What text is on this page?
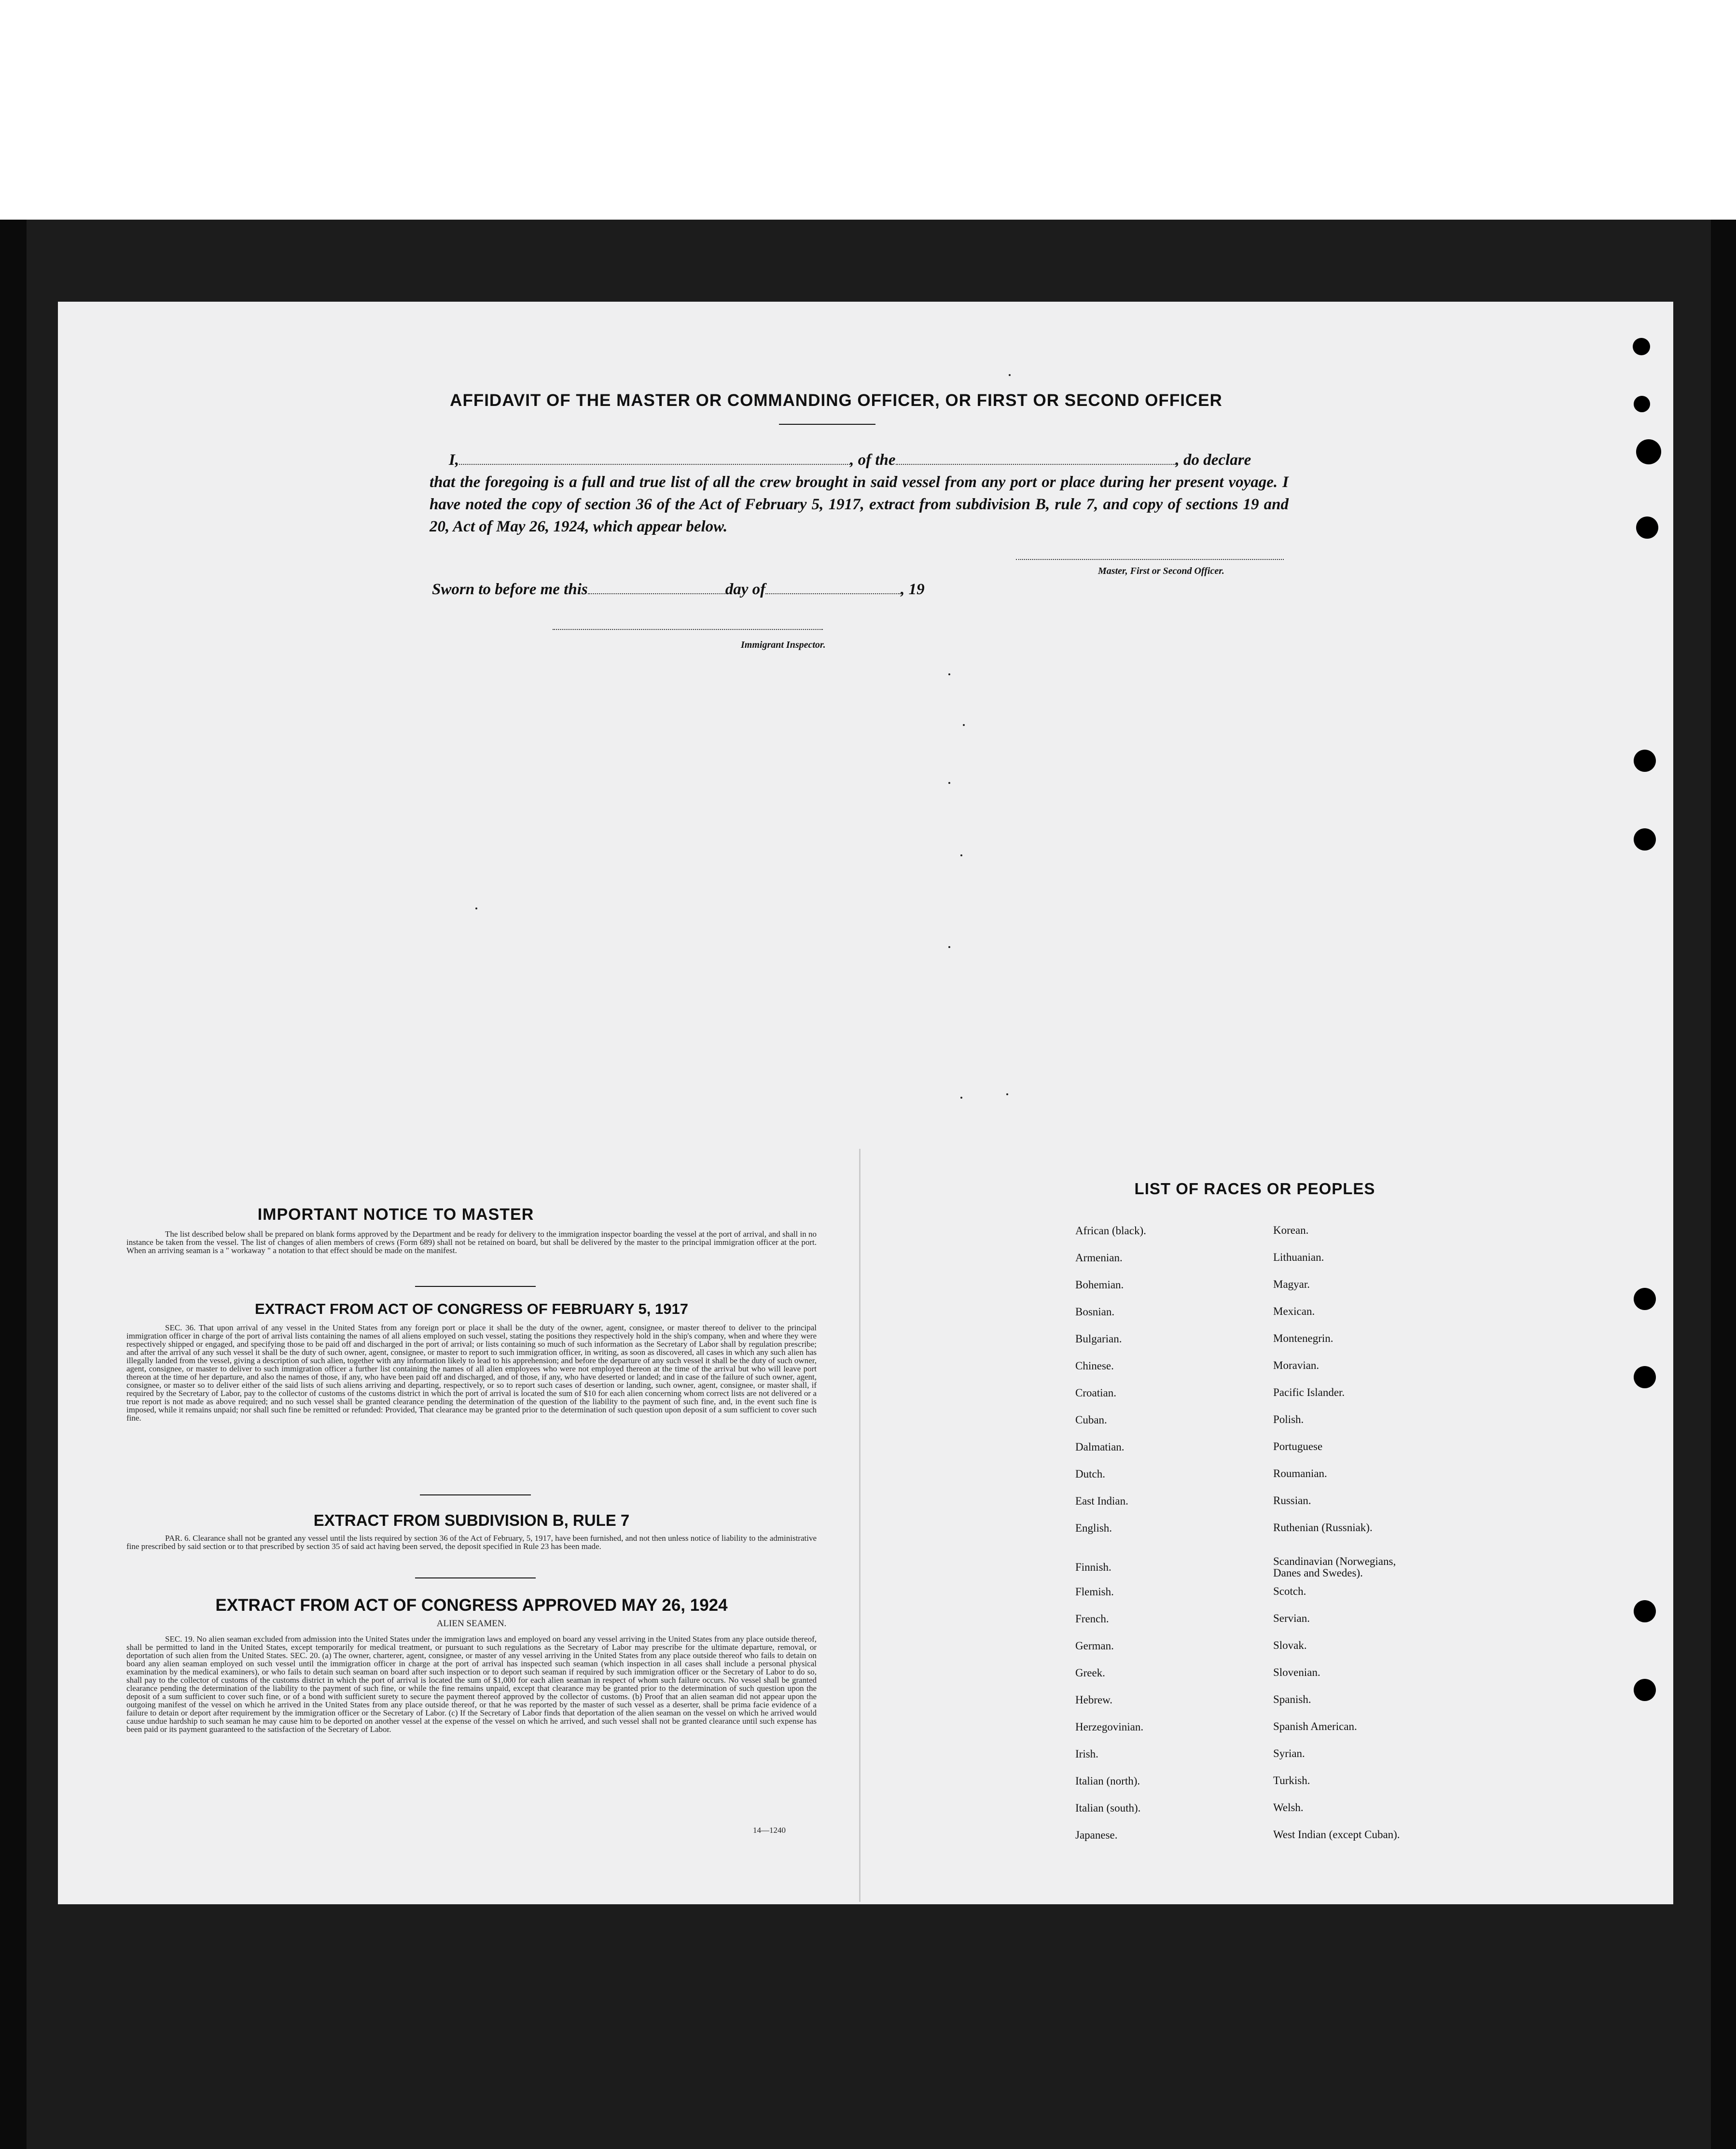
AFFIDAVIT OF THE MASTER OR COMMANDING OFFICER, OR FIRST OR SECOND OFFICER
I,	, of the	, do declare
that the foregoing is a full and true list of all the crew brought in said vessel from any port or place during her present voyage. I have noted the copy of section 36 of the Act of February 5, 1917, extract from subdivision B, rule 7, and copy of sections 19 and 20, Act of May 26, 1924, which appear below.
Master, First or Second Officer.
Sworn to before me this	day of	, 19
Immigrant Inspector.
IMPORTANT NOTICE TO MASTER
The list described below shall be prepared on blank forms approved by the Department and be ready for delivery to the immigration inspector boarding the vessel at the port of arrival, and shall in no instance be taken from the vessel. The list of changes of alien members of crews (Form 689) shall not be retained on board, but shall be delivered by the master to the principal immigration officer at the port. When an arriving seaman is a " workaway " a notation to that effect should be made on the manifest.
EXTRACT FROM ACT OF CONGRESS OF FEBRUARY 5, 1917
SEC. 36. That upon arrival of any vessel in the United States from any foreign port or place it shall be the duty of the owner, agent, consignee, or master thereof to deliver to the principal immigration officer in charge of the port of arrival lists containing the names of all aliens employed on such vessel, stating the positions they respectively hold in the ship's company, when and where they were respectively shipped or engaged, and specifying those to be paid off and discharged in the port of arrival; or lists containing so much of such information as the Secretary of Labor shall by regulation prescribe; and after the arrival of any such vessel it shall be the duty of such owner, agent, consignee, or master to report to such immigration officer, in writing, as soon as discovered, all cases in which any such alien has illegally landed from the vessel, giving a description of such alien, together with any information likely to lead to his apprehension; and before the departure of any such vessel it shall be the duty of such owner, agent, consignee, or master to deliver to such immigration officer a further list containing the names of all alien employees who were not employed thereon at the time of the arrival but who will leave port thereon at the time of her departure, and also the names of those, if any, who have been paid off and discharged, and of those, if any, who have deserted or landed; and in case of the failure of such owner, agent, consignee, or master so to deliver either of the said lists of such aliens arriving and departing, respectively, or so to report such cases of desertion or landing, such owner, agent, consignee, or master shall, if required by the Secretary of Labor, pay to the collector of customs of the customs district in which the port of arrival is located the sum of $10 for each alien concerning whom correct lists are not delivered or a true report is not made as above required; and no such vessel shall be granted clearance pending the determination of the question of the liability to the payment of such fine, and, in the event such fine is imposed, while it remains unpaid; nor shall such fine be remitted or refunded: Provided, That clearance may be granted prior to the determination of such question upon deposit of a sum sufficient to cover such fine.
EXTRACT FROM SUBDIVISION B, RULE 7
PAR. 6. Clearance shall not be granted any vessel until the lists required by section 36 of the Act of February, 5, 1917, have been furnished, and not then unless notice of liability to the administrative fine prescribed by said section or to that prescribed by section 35 of said act having been served, the deposit specified in Rule 23 has been made.
EXTRACT FROM ACT OF CONGRESS APPROVED MAY 26, 1924
ALIEN SEAMEN.
SEC. 19. No alien seaman excluded from admission into the United States under the immigration laws and employed on board any vessel arriving in the United States from any place outside thereof, shall be permitted to land in the United States, except temporarily for medical treatment, or pursuant to such regulations as the Secretary of Labor may prescribe for the ultimate departure, removal, or deportation of such alien from the United States. SEC. 20. (a) The owner, charterer, agent, consignee, or master of any vessel arriving in the United States from any place outside thereof who fails to detain on board any alien seaman employed on such vessel until the immigration officer in charge at the port of arrival has inspected such seaman (which inspection in all cases shall include a personal physical examination by the medical examiners), or who fails to detain such seaman on board after such inspection or to deport such seaman if required by such immigration officer or the Secretary of Labor to do so, shall pay to the collector of customs of the customs district in which the port of arrival is located the sum of $1,000 for each alien seaman in respect of whom such failure occurs. No vessel shall be granted clearance pending the determination of the liability to the payment of such fine, or while the fine remains unpaid, except that clearance may be granted prior to the determination of such question upon the deposit of a sum sufficient to cover such fine, or of a bond with sufficient surety to secure the payment thereof approved by the collector of customs. (b) Proof that an alien seaman did not appear upon the outgoing manifest of the vessel on which he arrived in the United States from any place outside thereof, or that he was reported by the master of such vessel as a deserter, shall be prima facie evidence of a failure to detain or deport after requirement by the immigration officer or the Secretary of Labor. (c) If the Secretary of Labor finds that deportation of the alien seaman on the vessel on which he arrived would cause undue hardship to such seaman he may cause him to be deported on another vessel at the expense of the vessel on which he arrived, and such vessel shall not be granted clearance until such expense has been paid or its payment guaranteed to the satisfaction of the Secretary of Labor.
14—1240
LIST OF RACES OR PEOPLES
African (black).	Korean.
Armenian.	Lithuanian.
Bohemian.	Magyar.
Bosnian.	Mexican.
Bulgarian.	Montenegrin.
Chinese.	Moravian.
Croatian.	Pacific Islander.
Cuban.	Polish.
Dalmatian.	Portuguese
Dutch.	Roumanian.
East Indian.	Russian.
English.	Ruthenian (Russniak).
Finnish.	Scandinavian (Norwegians, Danes and Swedes).
Flemish.	Scotch.
French.	Servian.
German.	Slovak.
Greek.	Slovenian.
Hebrew.	Spanish.
Herzegovinian.	Spanish American.
Irish.	Syrian.
Italian (north).	Turkish.
Italian (south).	Welsh.
Japanese.	West Indian (except Cuban).
